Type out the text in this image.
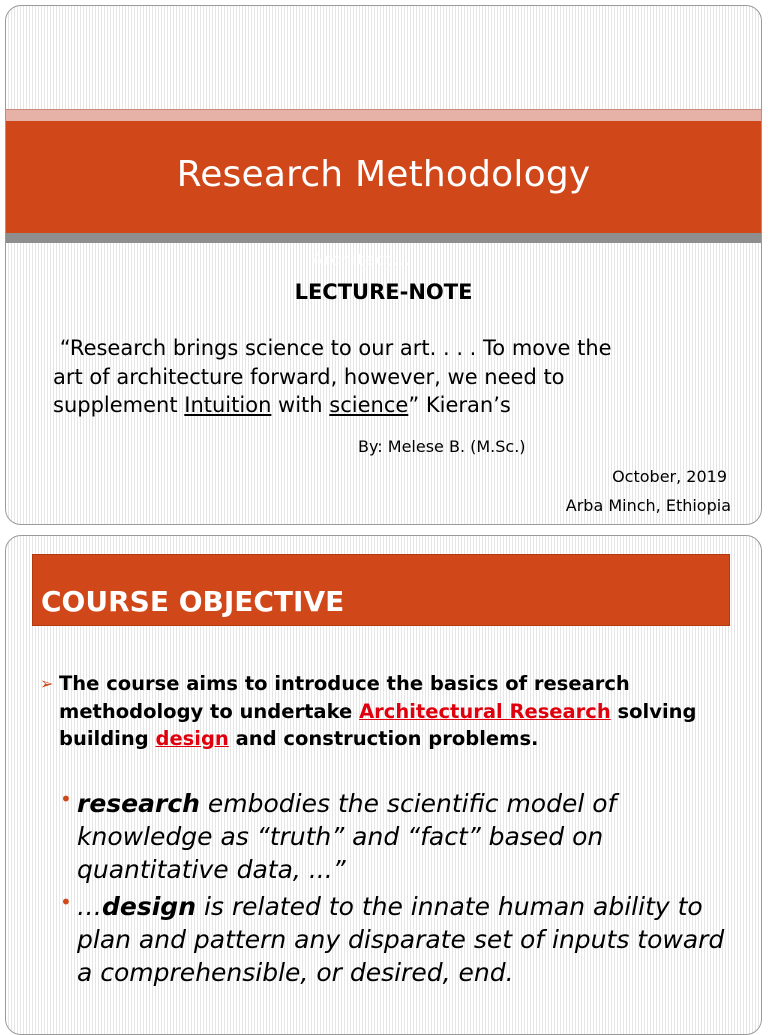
Research Methodology
Architect...
LECTURE-NOTE
“Research brings science to our art. . . . To move the
art of architecture forward, however, we need to
supplement Intuition with science” Kieran’s
By: Melese B. (M.Sc.)
October, 2019
Arba Minch, Ethiopia
COURSE OBJECTIVE
➢ The course aims to introduce the basics of research methodology to undertake Architectural Research solving building design and construction problems.
• research embodies the scientific model of knowledge as “truth” and “fact” based on quantitative data, ...”
• …design is related to the innate human ability to plan and pattern any disparate set of inputs toward a comprehensible, or desired, end.
